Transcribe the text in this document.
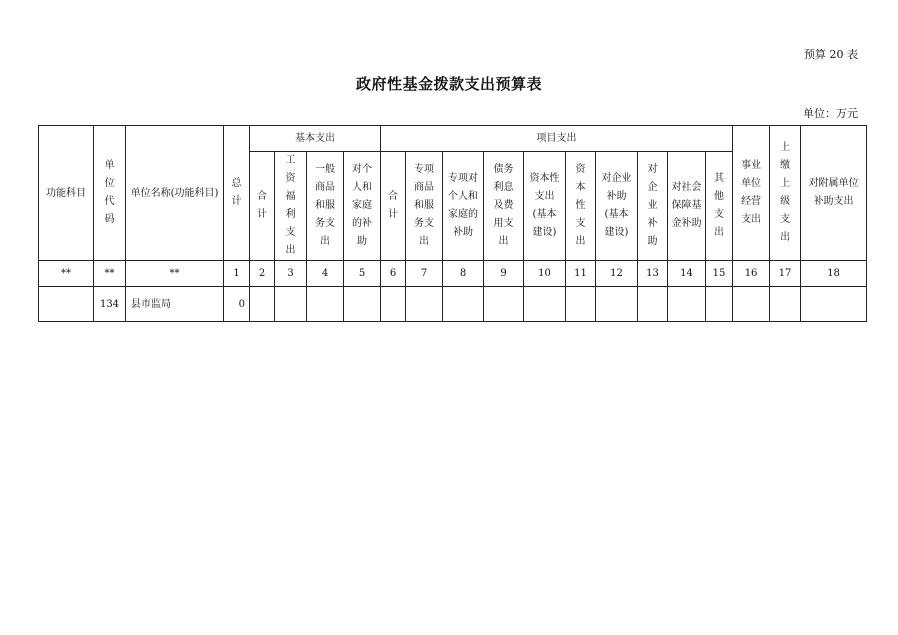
预算 20 表
政府性基金拨款支出预算表
单位：万元
功能科目	单位代码	单位名称(功能科目)	总计	基本支出				项目支出										事业单位经营支出	上缴上级支出	对附属单位补助支出
				合计	工资福利支出	一般商品和服务支出	对个人和家庭的补助	合计	专项商品和服务支出	专项对个人和家庭的补助	债务利息及费用支出	资本性支出(基本建设)	资本性支出	对企业补助(基本建设)	对企业补助	对社会保障基金补助	其他支出			
**	**	**	1	2	3	4	5	6	7	8	9	10	11	12	13	14	15	16	17	18
	134	县市监局	0																	
